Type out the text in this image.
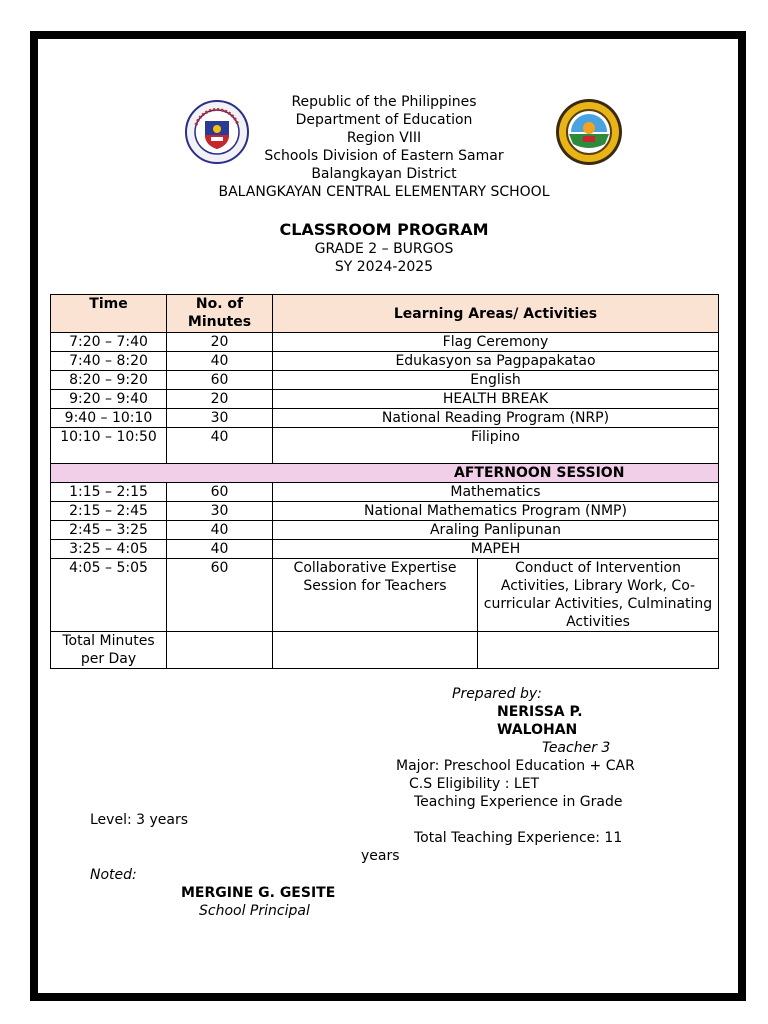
Republic of the Philippines
Department of Education
Region VIII
Schools Division of Eastern Samar
Balangkayan District
BALANGKAYAN CENTRAL ELEMENTARY SCHOOL
CLASSROOM PROGRAM
GRADE 2 – BURGOS
SY 2024-2025
Time	No. of Minutes	Learning Areas/ Activities	
7:20 – 7:40	20	Flag Ceremony	
7:40 – 8:20	40	Edukasyon sa Pagpapakatao	
8:20 – 9:20	60	English	
9:20 – 9:40	20	HEALTH BREAK	
9:40 – 10:10	30	National Reading Program (NRP)	
10:10 – 10:50	40	Filipino	
AFTERNOON SESSION			
1:15 – 2:15	60	Mathematics	
2:15 – 2:45	30	National Mathematics Program (NMP)	
2:45 – 3:25	40	Araling Panlipunan	
3:25 – 4:05	40	MAPEH	
4:05 – 5:05	60	Collaborative Expertise Session for Teachers	Conduct of Intervention Activities, Library Work, Co-curricular Activities, Culminating Activities
Total Minutes per Day			
Prepared by:
NERISSA P.
WALOHAN
Teacher 3
Major: Preschool Education + CAR
C.S Eligibility : LET
Teaching Experience in Grade
Level: 3 years
Total Teaching Experience: 11
years
Noted:
MERGINE G. GESITE
School Principal
